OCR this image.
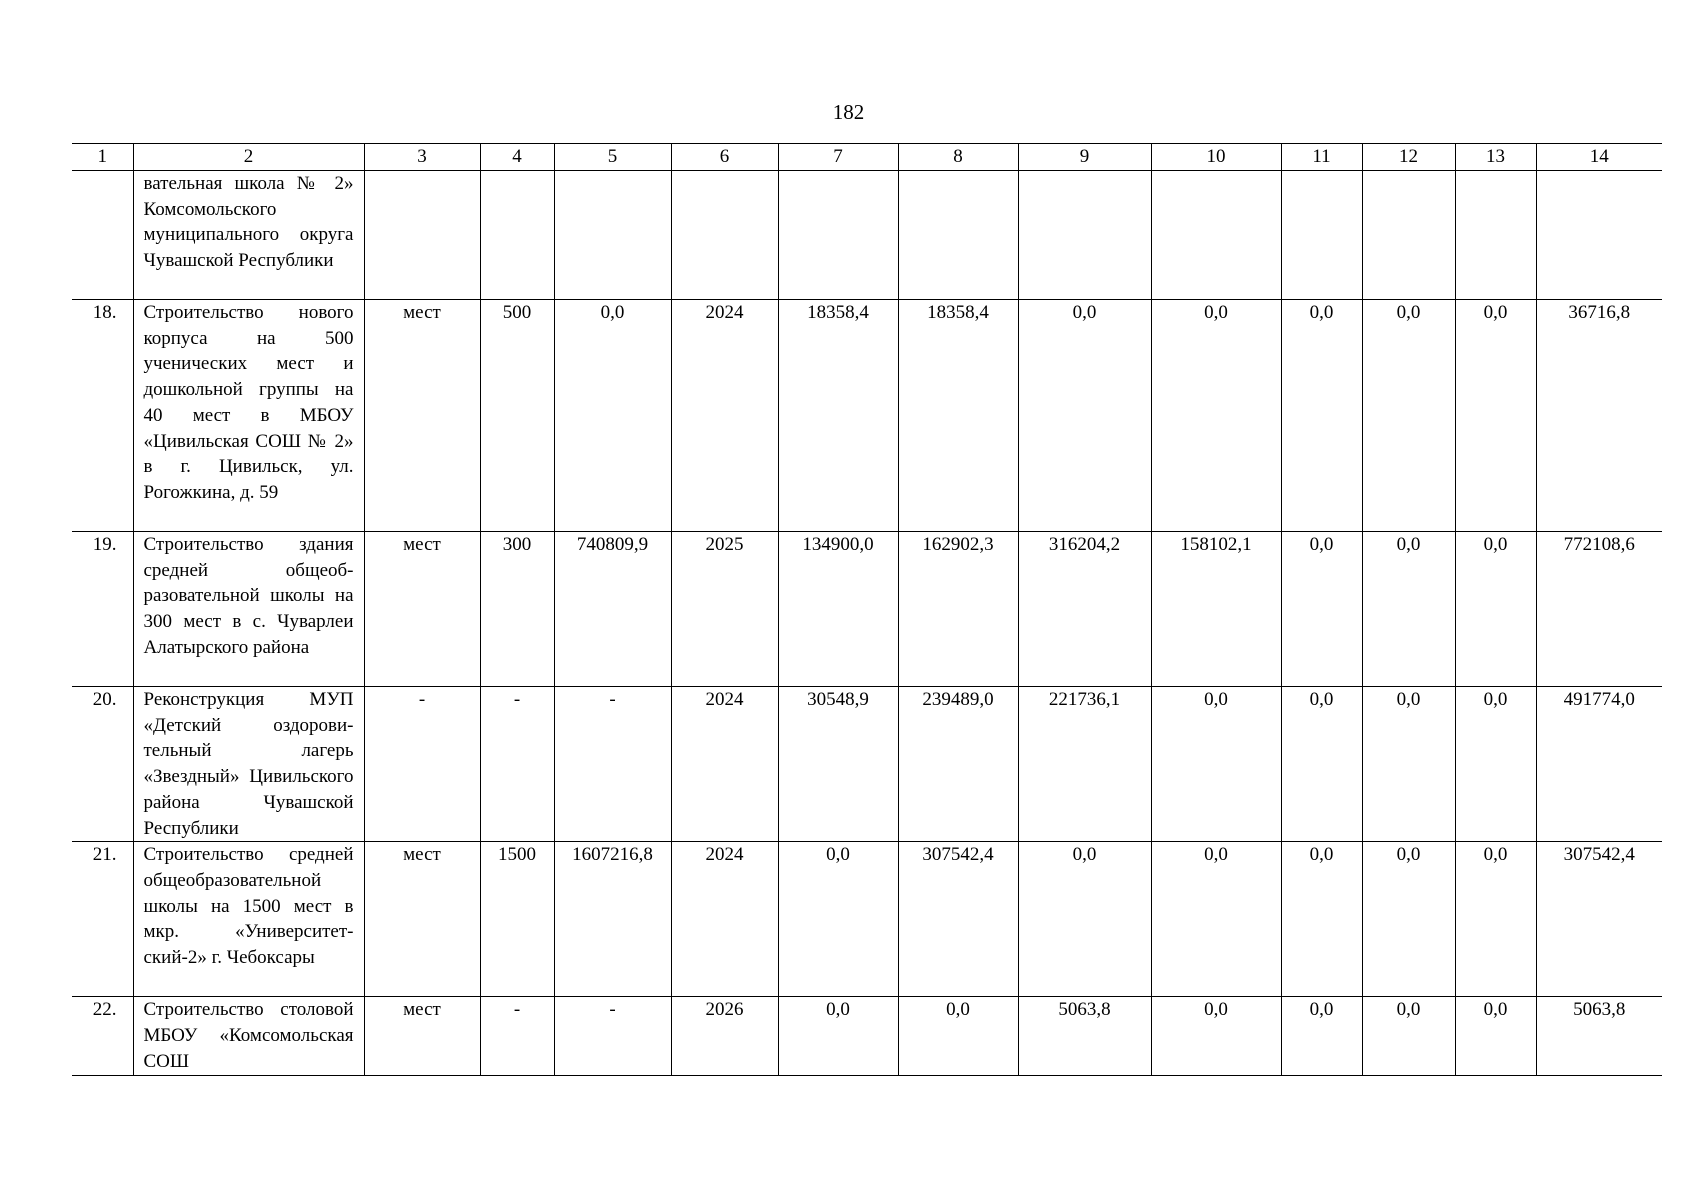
182
1	2	3	4	5	6	7	8	9	10	11	12	13	14
	вательная школа № 2» Комсомольского муниципального округа Чувашской Республики												
18.	Строительство нового корпуса на 500 ученических мест и дошкольной группы на 40 мест в МБОУ «Цивильская СОШ № 2» в г. Цивильск, ул. Рогожкина, д. 59	мест	500	0,0	2024	18358,4	18358,4	0,0	0,0	0,0	0,0	0,0	36716,8
19.	Строительство здания средней общеобразовательной школы на 300 мест в с. Чуварлеи Алатырского района	мест	300	740809,9	2025	134900,0	162902,3	316204,2	158102,1	0,0	0,0	0,0	772108,6
20.	Реконструкция МУП «Детский оздоровительный лагерь «Звездный» Цивильского района Чувашской Республики	-	-	-	2024	30548,9	239489,0	221736,1	0,0	0,0	0,0	0,0	491774,0
21.	Строительство средней общеобразовательной школы на 1500 мест в мкр. «Университетский-2» г. Чебоксары	мест	1500	1607216,8	2024	0,0	307542,4	0,0	0,0	0,0	0,0	0,0	307542,4
22.	Строительство столовой МБОУ «Комсомольская СОШ	мест	-	-	2026	0,0	0,0	5063,8	0,0	0,0	0,0	0,0	5063,8
